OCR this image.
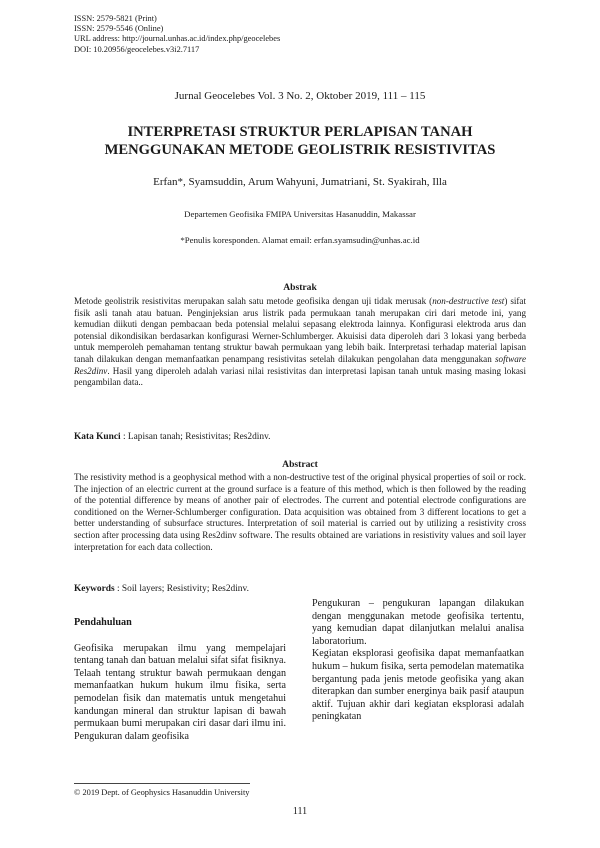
ISSN: 2579-5821 (Print)
ISSN: 2579-5546 (Online)
URL address: http://journal.unhas.ac.id/index.php/geocelebes
DOI: 10.20956/geocelebes.v3i2.7117
Jurnal Geocelebes Vol. 3 No. 2, Oktober 2019, 111 – 115
INTERPRETASI STRUKTUR PERLAPISAN TANAH
MENGGUNAKAN METODE GEOLISTRIK RESISTIVITAS
Erfan*, Syamsuddin, Arum Wahyuni, Jumatriani, St. Syakirah, Illa
Departemen Geofisika FMIPA Universitas Hasanuddin, Makassar
*Penulis koresponden. Alamat email: erfan.syamsudin@unhas.ac.id
Abstrak
Metode geolistrik resistivitas merupakan salah satu metode geofisika dengan uji tidak merusak (non-destructive test) sifat fisik asli tanah atau batuan. Penginjeksian arus listrik pada permukaan tanah merupakan ciri dari metode ini, yang kemudian diikuti dengan pembacaan beda potensial melalui sepasang elektroda lainnya. Konfigurasi elektroda arus dan potensial dikondisikan berdasarkan konfigurasi Werner-Schlumberger. Akuisisi data diperoleh dari 3 lokasi yang berbeda untuk memperoleh pemahaman tentang struktur bawah permukaan yang lebih baik. Interpretasi terhadap material lapisan tanah dilakukan dengan memanfaatkan penampang resistivitas setelah dilakukan pengolahan data menggunakan software Res2dinv. Hasil yang diperoleh adalah variasi nilai resistivitas dan interpretasi lapisan tanah untuk masing masing lokasi pengambilan data..
Kata Kunci : Lapisan tanah; Resistivitas; Res2dinv.
Abstract
The resistivity method is a geophysical method with a non-destructive test of the original physical properties of soil or rock. The injection of an electric current at the ground surface is a feature of this method, which is then followed by the reading of the potential difference by means of another pair of electrodes. The current and potential electrode configurations are conditioned on the Werner-Schlumberger configuration. Data acquisition was obtained from 3 different locations to get a better understanding of subsurface structures. Interpretation of soil material is carried out by utilizing a resistivity cross section after processing data using Res2dinv software. The results obtained are variations in resistivity values and soil layer interpretation for each data collection.
Keywords : Soil layers; Resistivity; Res2dinv.
Pendahuluan

Geofisika merupakan ilmu yang mempelajari tentang tanah dan batuan melalui sifat sifat fisiknya. Telaah tentang struktur bawah permukaan dengan memanfaatkan hukum hukum ilmu fisika, serta pemodelan fisik dan matematis untuk mengetahui kandungan mineral dan struktur lapisan di bawah permukaan bumi merupakan ciri dasar dari ilmu ini. Pengukuran dalam geofisika

Pengukuran – pengukuran lapangan dilakukan dengan menggunakan metode geofisika tertentu, yang kemudian dapat dilanjutkan melalui analisa laboratorium.

Kegiatan eksplorasi geofisika dapat memanfaatkan hukum – hukum fisika, serta pemodelan matematika bergantung pada jenis metode geofisika yang akan diterapkan dan sumber energinya baik pasif ataupun aktif. Tujuan akhir dari kegiatan eksplorasi adalah peningkatan

© 2019 Dept. of Geophysics Hasanuddin University
111
